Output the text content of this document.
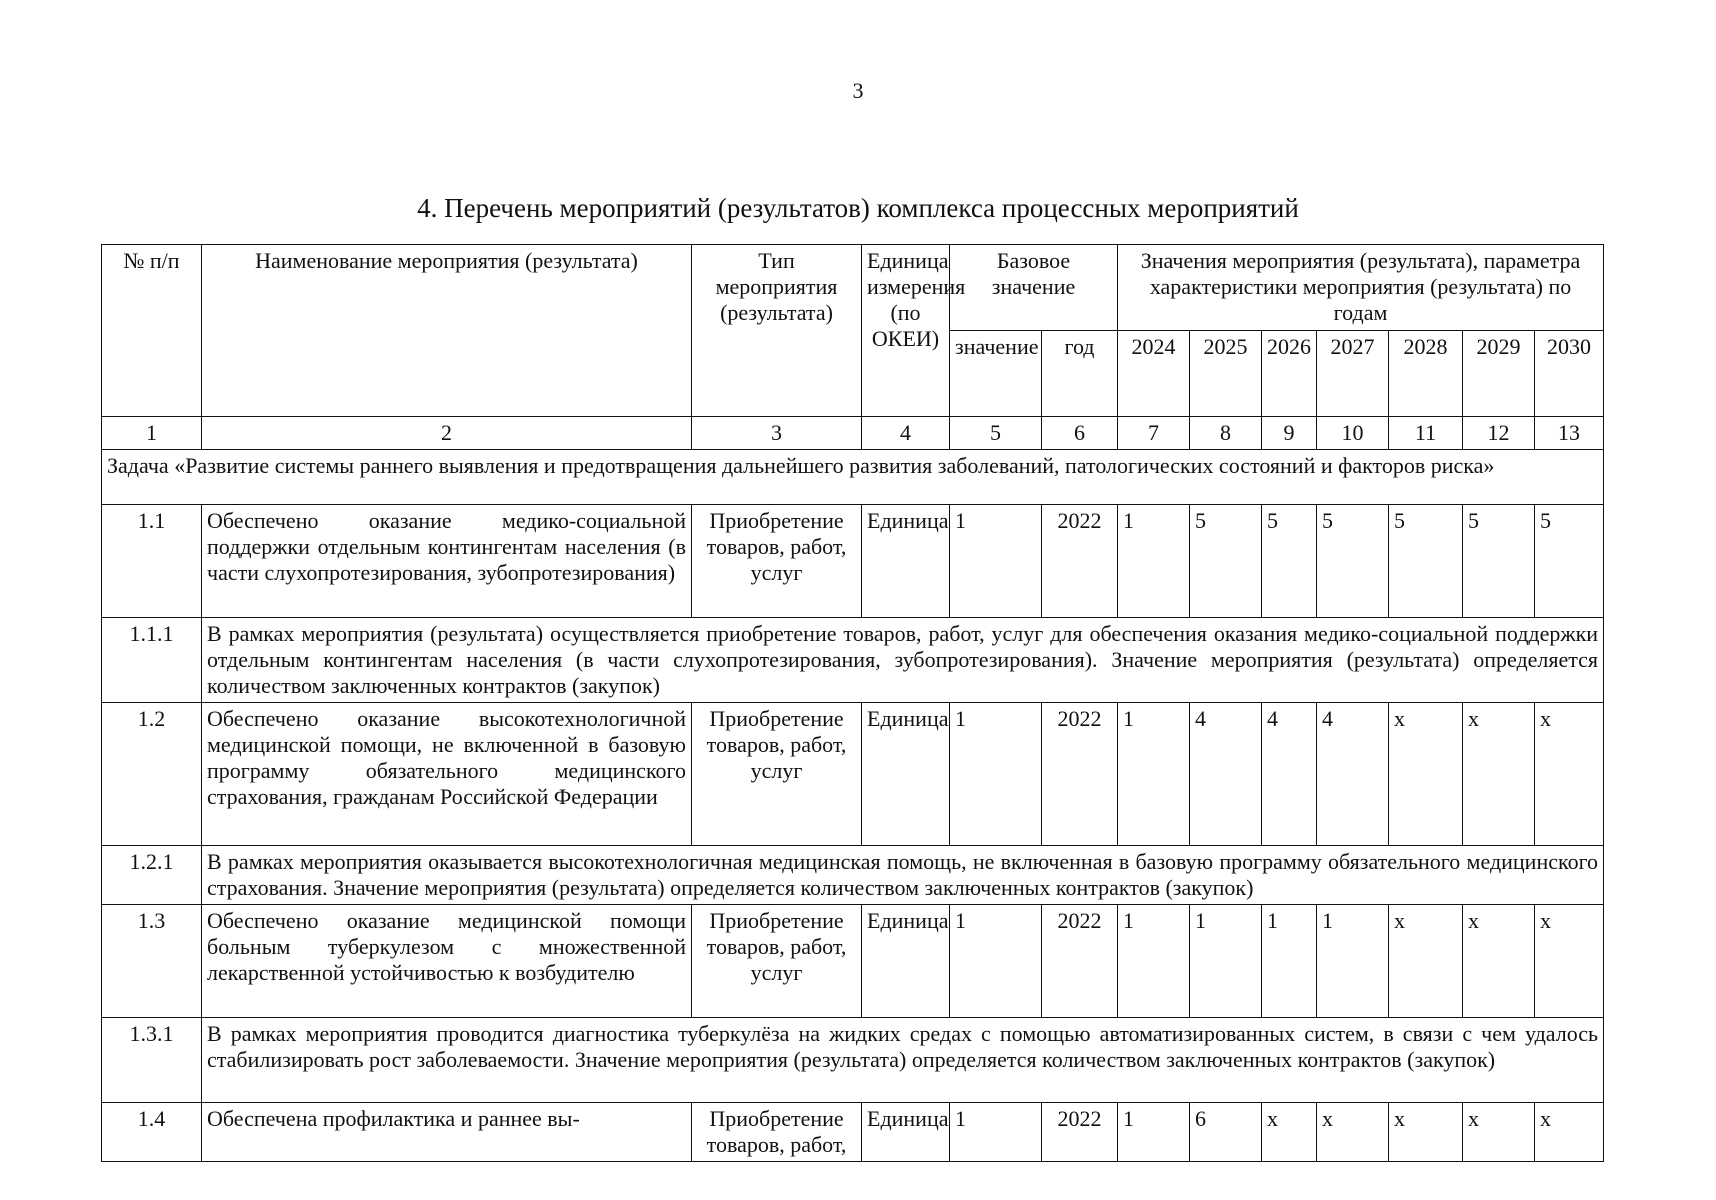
3
4. Перечень мероприятий (результатов) комплекса процессных мероприятий
№ п/п	Наименование мероприятия (результата)	Тип мероприятия (результата)	Единица измерения (по ОКЕИ)	Базовое значение		Значения мероприятия (результата), параметра характеристики мероприятия (результата) по годам						
				значение	год	2024	2025	2026	2027	2028	2029	2030
1	2	3	4	5	6	7	8	9	10	11	12	13
Задача «Развитие системы раннего выявления и предотвращения дальнейшего развития заболеваний, патологических состояний и факторов риска»												
1.1	Обеспечено оказание медико-социальной поддержки отдельным контингентам населения (в части слухопротезирования, зубопротезирования)	Приобретение товаров, работ, услуг	Единица	1	2022	1	5	5	5	5	5	5
1.1.1	В рамках мероприятия (результата) осуществляется приобретение товаров, работ, услуг для обеспечения оказания медико-социальной поддержки отдельным контингентам населения (в части слухопротезирования, зубопротезирования). Значение мероприятия (результата) определяется количеством заключенных контрактов (закупок)											
1.2	Обеспечено оказание высокотехнологичной медицинской помощи, не включенной в базовую программу обязательного медицинского страхования, гражданам Российской Федерации	Приобретение товаров, работ, услуг	Единица	1	2022	1	4	4	4	x	x	x
1.2.1	В рамках мероприятия оказывается высокотехнологичная медицинская помощь, не включенная в базовую программу обязательного медицинского страхования. Значение мероприятия (результата) определяется количеством заключенных контрактов (закупок)											
1.3	Обеспечено оказание медицинской помощи больным туберкулезом с множественной лекарственной устойчивостью к возбудителю	Приобретение товаров, работ, услуг	Единица	1	2022	1	1	1	1	x	x	x
1.3.1	В рамках мероприятия проводится диагностика туберкулёза на жидких средах с помощью автоматизированных систем, в связи с чем удалось стабилизировать рост заболеваемости. Значение мероприятия (результата) определяется количеством заключенных контрактов (закупок)											
1.4	Обеспечена профилактика и раннее вы-	Приобретение товаров, работ,	Единица	1	2022	1	6	x	x	x	x	x
